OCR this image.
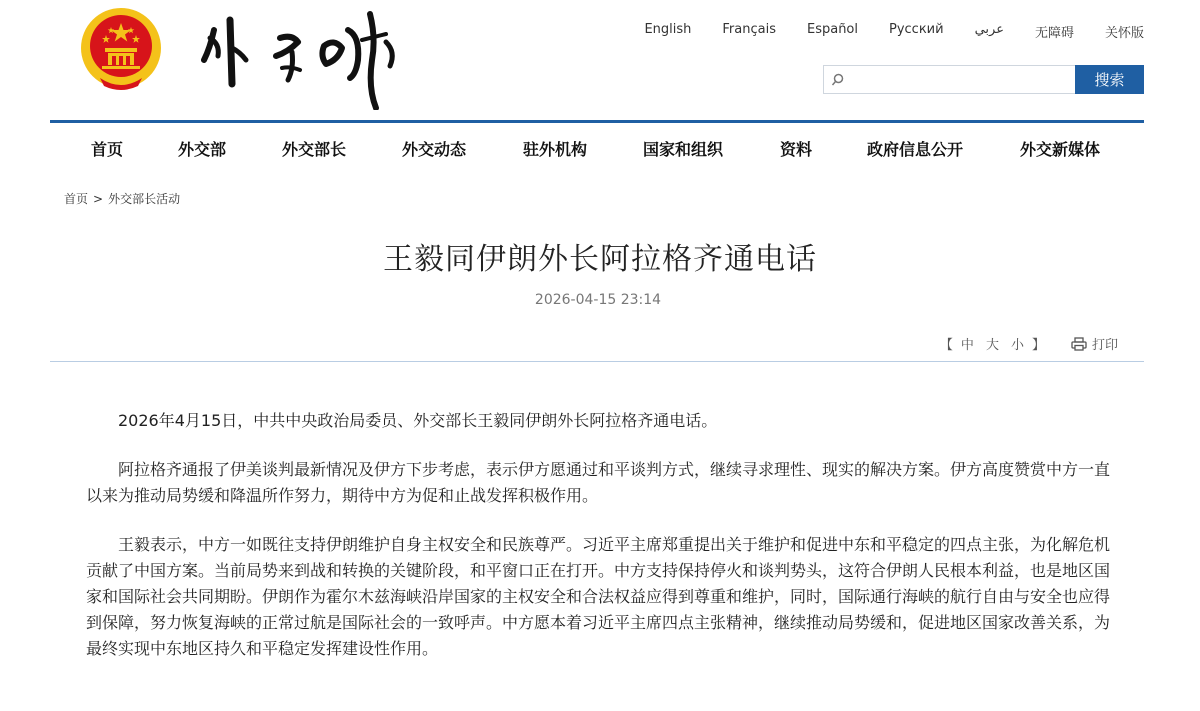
English Français Español Русский عربي 无障碍 关怀版
搜索
首页	外交部	外交部长	外交动态	驻外机构	国家和组织	资料	政府信息公开	外交新媒体
首页 > 外交部长活动
王毅同伊朗外长阿拉格齐通电话
2026-04-15 23:14
【 中 大 小 】	打印

2026年4月15日，中共中央政治局委员、外交部长王毅同伊朗外长阿拉格齐通电话。

阿拉格齐通报了伊美谈判最新情况及伊方下步考虑，表示伊方愿通过和平谈判方式，继续寻求理性、现实的解决方案。伊方高度赞赏中方一直以来为推动局势缓和降温所作努力，期待中方为促和止战发挥积极作用。

王毅表示，中方一如既往支持伊朗维护自身主权安全和民族尊严。习近平主席郑重提出关于维护和促进中东和平稳定的四点主张，为化解危机贡献了中国方案。当前局势来到战和转换的关键阶段，和平窗口正在打开。中方支持保持停火和谈判势头，这符合伊朗人民根本利益，也是地区国家和国际社会共同期盼。伊朗作为霍尔木兹海峡沿岸国家的主权安全和合法权益应得到尊重和维护，同时，国际通行海峡的航行自由与安全也应得到保障，努力恢复海峡的正常过航是国际社会的一致呼声。中方愿本着习近平主席四点主张精神，继续推动局势缓和，促进地区国家改善关系，为最终实现中东地区持久和平稳定发挥建设性作用。
